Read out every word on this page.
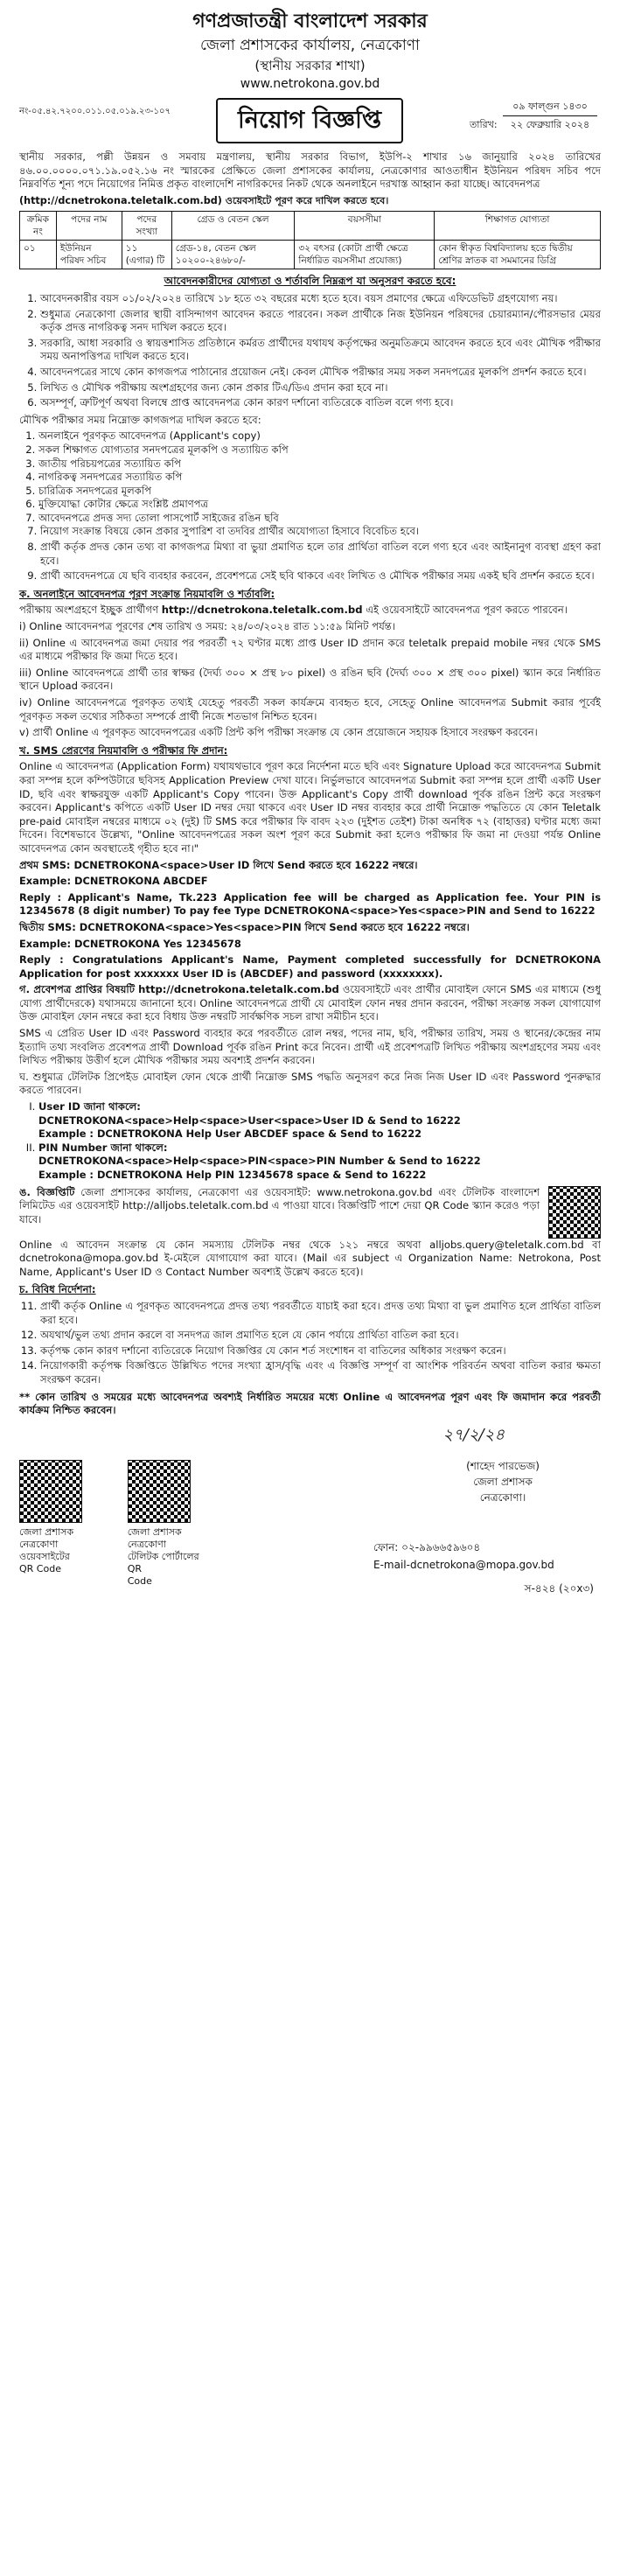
গণপ্রজাতন্ত্রী বাংলাদেশ সরকার
জেলা প্রশাসকের কার্যালয়, নেত্রকোণা
(স্থানীয় সরকার শাখা)
www.netrokona.gov.bd
নং-০৫.৪২.৭২০০.০১১.০৫.০১৯.২৩-১০৭	নিয়োগ বিজ্ঞপ্তি
০৯ ফাল্গুন ১৪৩০
তারিখ: ২২ ফেব্রুয়ারি ২০২৪

স্থানীয় সরকার, পল্লী উন্নয়ন ও সমবায় মন্ত্রণালয়, স্থানীয় সরকার বিভাগ, ইউপি-২ শাখার ১৬ জানুয়ারি ২০২৪ তারিখের ৪৬.০০.০০০০.০৭১.১৯.০৫২.১৬ নং স্মারকের প্রেক্ষিতে জেলা প্রশাসকের কার্যালয়, নেত্রকোণার আওতাধীন ইউনিয়ন পরিষদ সচিব পদে নিম্নবর্ণিত শূন্য পদে নিয়োগের নিমিত্ত প্রকৃত বাংলাদেশি নাগরিকদের নিকট থেকে অনলাইনে দরখাস্ত আহ্বান করা যাচ্ছে। আবেদনপত্র

(http://dcnetrokona.teletalk.com.bd) ওয়েবসাইটে পূরণ করে দাখিল করতে হবে।

ক্রমিক নং	পদের নাম	পদের সংখ্যা	গ্রেড ও বেতন স্কেল	বয়সসীমা	শিক্ষাগত যোগ্যতা
০১	ইউনিয়ন পরিষদ সচিব	১১ (এগার) টি	গ্রেড-১৪, বেতন স্কেল ১০২০০-২৪৬৮০/-	৩২ বৎসর (কোটা প্রার্থী ক্ষেত্রে নির্ধারিত বয়সসীমা প্রযোজ্য)	কোন স্বীকৃত বিশ্ববিদ্যালয় হতে দ্বিতীয় শ্রেণির স্নাতক বা সমমানের ডিগ্রি
আবেদনকারীদের যোগ্যতা ও শর্তাবলি নিম্নরূপ যা অনুসরণ করতে হবে:
1. আবেদনকারীর বয়স ০১/০২/২০২৪ তারিখে ১৮ হতে ৩২ বছরের মধ্যে হতে হবে। বয়স প্রমাণের ক্ষেত্রে এফিডেভিট গ্রহণযোগ্য নয়।
2. শুধুমাত্র নেত্রকোণা জেলার স্থায়ী বাসিন্দাগণ আবেদন করতে পারবেন। সকল প্রার্থীকে নিজ ইউনিয়ন পরিষদের চেয়ারম্যান/পৌরসভার মেয়র কর্তৃক প্রদত্ত নাগরিকত্ব সনদ দাখিল করতে হবে।
3. সরকারি, আধা সরকারি ও স্বায়ত্তশাসিত প্রতিষ্ঠানে কর্মরত প্রার্থীদের যথাযথ কর্তৃপক্ষের অনুমতিক্রমে আবেদন করতে হবে এবং মৌখিক পরীক্ষার সময় অনাপত্তিপত্র দাখিল করতে হবে।
4. আবেদনপত্রের সাথে কোন কাগজপত্র পাঠানোর প্রয়োজন নেই। কেবল মৌখিক পরীক্ষার সময় সকল সনদপত্রের মূলকপি প্রদর্শন করতে হবে।
5. লিখিত ও মৌখিক পরীক্ষায় অংশগ্রহণের জন্য কোন প্রকার টিএ/ডিএ প্রদান করা হবে না।
6. অসম্পূর্ণ, ত্রুটিপূর্ণ অথবা বিলম্বে প্রাপ্ত আবেদনপত্র কোন কারণ দর্শানো ব্যতিরেকে বাতিল বলে গণ্য হবে।

মৌখিক পরীক্ষার সময় নিম্নোক্ত কাগজপত্র দাখিল করতে হবে:

1. অনলাইনে পূরণকৃত আবেদনপত্র (Applicant's copy)
2. সকল শিক্ষাগত যোগ্যতার সনদপত্রের মূলকপি ও সত্যায়িত কপি
3. জাতীয় পরিচয়পত্রের সত্যায়িত কপি
4. নাগরিকত্ব সনদপত্রের সত্যায়িত কপি
5. চারিত্রিক সনদপত্রের মূলকপি
6. মুক্তিযোদ্ধা কোটার ক্ষেত্রে সংশ্লিষ্ট প্রমাণপত্র
7. আবেদনপত্রে প্রদত্ত সদ্য তোলা পাসপোর্ট সাইজের রঙিন ছবি
7. নিয়োগ সংক্রান্ত বিষয়ে কোন প্রকার সুপারিশ বা তদবির প্রার্থীর অযোগ্যতা হিসাবে বিবেচিত হবে।
8. প্রার্থী কর্তৃক প্রদত্ত কোন তথ্য বা কাগজপত্র মিথ্যা বা ভুয়া প্রমাণিত হলে তার প্রার্থিতা বাতিল বলে গণ্য হবে এবং আইনানুগ ব্যবস্থা গ্রহণ করা হবে।
9. প্রার্থী আবেদনপত্রে যে ছবি ব্যবহার করবেন, প্রবেশপত্রে সেই ছবি থাকবে এবং লিখিত ও মৌখিক পরীক্ষার সময় একই ছবি প্রদর্শন করতে হবে।
ক. অনলাইনে আবেদনপত্র পূরণ সংক্রান্ত নিয়মাবলি ও শর্তাবলি:

পরীক্ষায় অংশগ্রহণে ইচ্ছুক প্রার্থীগণ http://dcnetrokona.teletalk.com.bd এই ওয়েবসাইটে আবেদনপত্র পূরণ করতে পারবেন।

i) Online আবেদনপত্র পূরণের শেষ তারিখ ও সময়: ২৪/০৩/২০২৪ রাত ১১:৫৯ মিনিট পর্যন্ত।

ii) Online এ আবেদনপত্র জমা দেয়ার পর পরবর্তী ৭২ ঘণ্টার মধ্যে প্রাপ্ত User ID প্রদান করে teletalk prepaid mobile নম্বর থেকে SMS এর মাধ্যমে পরীক্ষার ফি জমা দিতে হবে।

iii) Online আবেদনপত্রে প্রার্থী তার স্বাক্ষর (দৈর্ঘ্য ৩০০ × প্রস্থ ৮০ pixel) ও রঙিন ছবি (দৈর্ঘ্য ৩০০ × প্রস্থ ৩০০ pixel) স্ক্যান করে নির্ধারিত স্থানে Upload করবেন।

iv) Online আবেদনপত্রে পূরণকৃত তথ্যই যেহেতু পরবর্তী সকল কার্যক্রমে ব্যবহৃত হবে, সেহেতু Online আবেদনপত্র Submit করার পূর্বেই পূরণকৃত সকল তথ্যের সঠিকতা সম্পর্কে প্রার্থী নিজে শতভাগ নিশ্চিত হবেন।

v) প্রার্থী Online এ পূরণকৃত আবেদনপত্রের একটি প্রিন্ট কপি পরীক্ষা সংক্রান্ত যে কোন প্রয়োজনে সহায়ক হিসাবে সংরক্ষণ করবেন।

খ. SMS প্রেরণের নিয়মাবলি ও পরীক্ষার ফি প্রদান:

Online এ আবেদনপত্র (Application Form) যথাযথভাবে পূরণ করে নির্দেশনা মতে ছবি এবং Signature Upload করে আবেদনপত্র Submit করা সম্পন্ন হলে কম্পিউটারে ছবিসহ Application Preview দেখা যাবে। নির্ভুলভাবে আবেদনপত্র Submit করা সম্পন্ন হলে প্রার্থী একটি User ID, ছবি এবং স্বাক্ষরযুক্ত একটি Applicant's Copy পাবেন। উক্ত Applicant's Copy প্রার্থী download পূর্বক রঙিন প্রিন্ট করে সংরক্ষণ করবেন। Applicant's কপিতে একটি User ID নম্বর দেয়া থাকবে এবং User ID নম্বর ব্যবহার করে প্রার্থী নিম্নোক্ত পদ্ধতিতে যে কোন Teletalk pre-paid মোবাইল নম্বরের মাধ্যমে ০২ (দুই) টি SMS করে পরীক্ষার ফি বাবদ ২২৩ (দুইশত তেইশ) টাকা অনধিক ৭২ (বাহাত্তর) ঘণ্টার মধ্যে জমা দিবেন। বিশেষভাবে উল্লেখ্য, "Online আবেদনপত্রের সকল অংশ পূরণ করে Submit করা হলেও পরীক্ষার ফি জমা না দেওয়া পর্যন্ত Online আবেদনপত্র কোন অবস্থাতেই গৃহীত হবে না।"

প্রথম SMS: DCNETROKONA<space>User ID লিখে Send করতে হবে 16222 নম্বরে।

Example: DCNETROKONA ABCDEF

Reply : Applicant's Name, Tk.223 Application fee will be charged as Application fee. Your PIN is 12345678 (8 digit number) To pay fee Type DCNETROKONA<space>Yes<space>PIN and Send to 16222

দ্বিতীয় SMS: DCNETROKONA<space>Yes<space>PIN লিখে Send করতে হবে 16222 নম্বরে।

Example: DCNETROKONA Yes 12345678

Reply : Congratulations Applicant's Name, Payment completed successfully for DCNETROKONA Application for post xxxxxxx User ID is (ABCDEF) and password (xxxxxxxx).

গ. প্রবেশপত্র প্রাপ্তির বিষয়টি http://dcnetrokona.teletalk.com.bd ওয়েবসাইটে এবং প্রার্থীর মোবাইল ফোনে SMS এর মাধ্যমে (শুধু যোগ্য প্রার্থীদেরকে) যথাসময়ে জানানো হবে। Online আবেদনপত্রে প্রার্থী যে মোবাইল ফোন নম্বর প্রদান করবেন, পরীক্ষা সংক্রান্ত সকল যোগাযোগ উক্ত মোবাইল ফোন নম্বরে করা হবে বিধায় উক্ত নম্বরটি সার্বক্ষণিক সচল রাখা সমীচীন হবে।

SMS এ প্রেরিত User ID এবং Password ব্যবহার করে পরবর্তীতে রোল নম্বর, পদের নাম, ছবি, পরীক্ষার তারিখ, সময় ও স্থানের/কেন্দ্রের নাম ইত্যাদি তথ্য সংবলিত প্রবেশপত্র প্রার্থী Download পূর্বক রঙিন Print করে নিবেন। প্রার্থী এই প্রবেশপত্রটি লিখিত পরীক্ষায় অংশগ্রহণের সময় এবং লিখিত পরীক্ষায় উত্তীর্ণ হলে মৌখিক পরীক্ষার সময় অবশ্যই প্রদর্শন করবেন।

ঘ. শুধুমাত্র টেলিটক প্রিপেইড মোবাইল ফোন থেকে প্রার্থী নিম্নোক্ত SMS পদ্ধতি অনুসরণ করে নিজ নিজ User ID এবং Password পুনরুদ্ধার করতে পারবেন।

I. User ID জানা থাকলে:
DCNETROKONA<space>Help<space>User<space>User ID & Send to 16222
Example : DCNETROKONA Help User ABCDEF space & Send to 16222
II. PIN Number জানা থাকলে:
DCNETROKONA<space>Help<space>PIN<space>PIN Number & Send to 16222
Example : DCNETROKONA Help PIN 12345678 space & Send to 16222

ঙ. বিজ্ঞপ্তিটি জেলা প্রশাসকের কার্যালয়, নেত্রকোণা এর ওয়েবসাইট: www.netrokona.gov.bd এবং টেলিটক বাংলাদেশ লিমিটেড এর ওয়েবসাইট http://alljobs.teletalk.com.bd এ পাওয়া যাবে। বিজ্ঞপ্তিটি পাশে দেয়া QR Code স্ক্যান করেও পড়া যাবে।

Online এ আবেদন সংক্রান্ত যে কোন সমস্যায় টেলিটক নম্বর থেকে ১২১ নম্বরে অথবা alljobs.query@teletalk.com.bd বা dcnetrokona@mopa.gov.bd ই-মেইলে যোগাযোগ করা যাবে। (Mail এর subject এ Organization Name: Netrokona, Post Name, Applicant's User ID ও Contact Number অবশ্যই উল্লেখ করতে হবে)।

চ. বিবিধ নির্দেশনা:
11. প্রার্থী কর্তৃক Online এ পূরণকৃত আবেদনপত্রে প্রদত্ত তথ্য পরবর্তীতে যাচাই করা হবে। প্রদত্ত তথ্য মিথ্যা বা ভুল প্রমাণিত হলে প্রার্থিতা বাতিল করা হবে।
12. অযথার্থ/ভুল তথ্য প্রদান করলে বা সনদপত্র জাল প্রমাণিত হলে যে কোন পর্যায়ে প্রার্থিতা বাতিল করা হবে।
13. কর্তৃপক্ষ কোন কারণ দর্শানো ব্যতিরেকে নিয়োগ বিজ্ঞপ্তির যে কোন শর্ত সংশোধন বা বাতিলের অধিকার সংরক্ষণ করেন।
14. নিয়োগকারী কর্তৃপক্ষ বিজ্ঞপ্তিতে উল্লিখিত পদের সংখ্যা হ্রাস/বৃদ্ধি এবং এ বিজ্ঞপ্তি সম্পূর্ণ বা আংশিক পরিবর্তন অথবা বাতিল করার ক্ষমতা সংরক্ষণ করেন।

** কোন তারিখ ও সময়ের মধ্যে আবেদনপত্র অবশ্যই নির্ধারিত সময়ের মধ্যে Online এ আবেদনপত্র পূরণ এবং ফি জমাদান করে পরবর্তী কার্যক্রম নিশ্চিত করবেন।

২৭/২/২৪
(শাহেদ পারভেজ)
জেলা প্রশাসক
নেত্রকোণা।
জেলা প্রশাসক
নেত্রকোণা
ওয়েবসাইটের
QR Code

জেলা প্রশাসক
নেত্রকোণা
টেলিটক পোর্টালের QR
Code
ফোন: ০২-৯৯৬৬৫৯৬০৪
E-mail-dcnetrokona@mopa.gov.bd
স-৪২৪ (২০x৩)
